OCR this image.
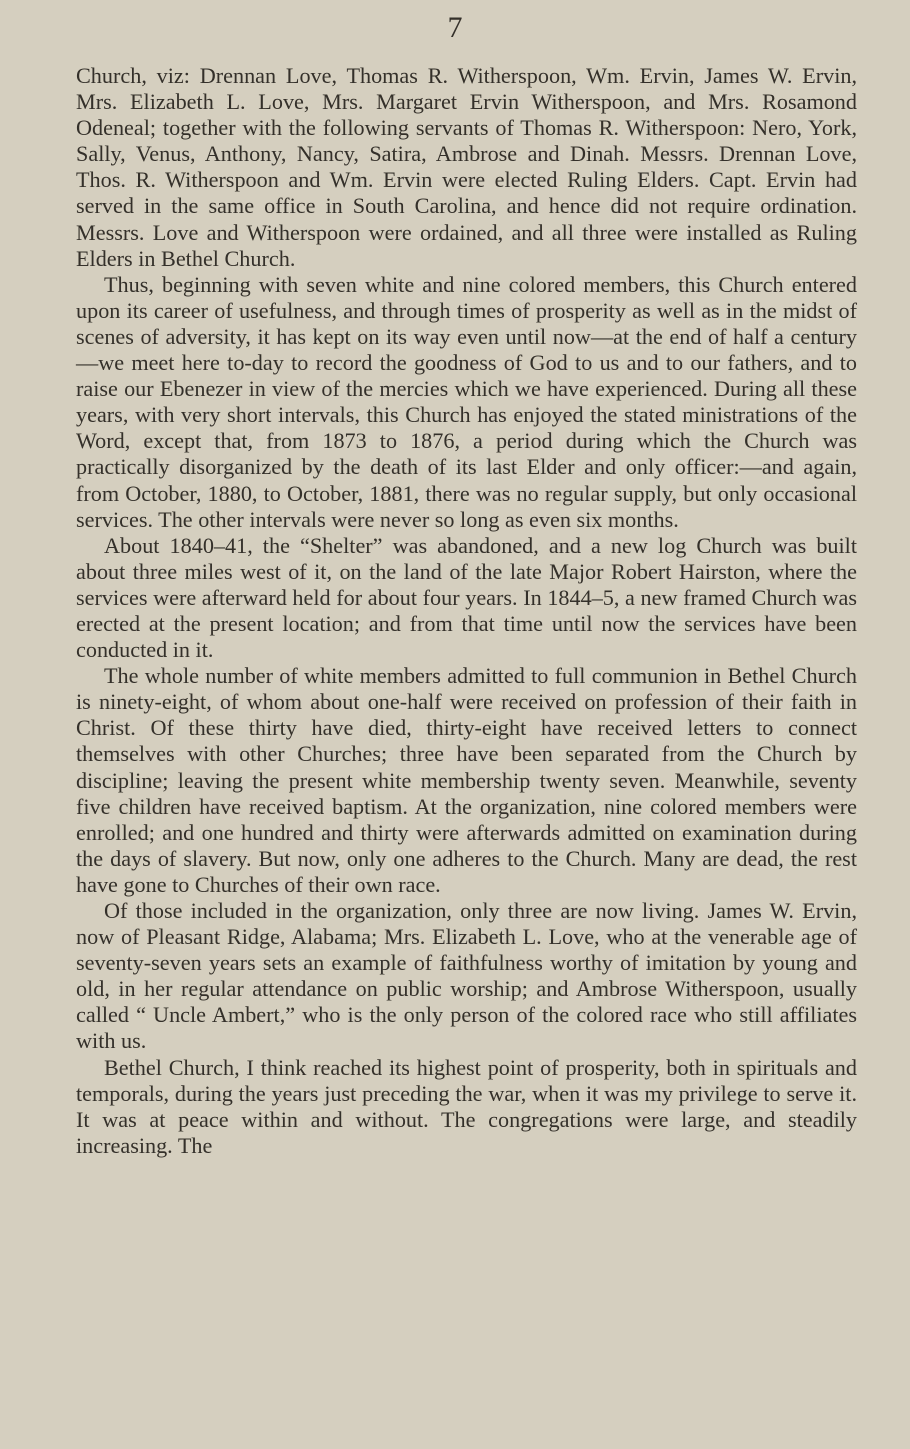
7

Church, viz: Drennan Love, Thomas R. Witherspoon, Wm. Ervin, James W. Ervin, Mrs. Elizabeth L. Love, Mrs. Margaret Ervin Witherspoon, and Mrs. Rosamond Odeneal; together with the following servants of Thomas R. Witherspoon: Nero, York, Sally, Venus, Anthony, Nancy, Satira, Ambrose and Dinah. Messrs. Drennan Love, Thos. R. Witherspoon and Wm. Ervin were elected Ruling Elders. Capt. Ervin had served in the same office in South Carolina, and hence did not require ordination. Messrs. Love and Witherspoon were ordained, and all three were installed as Ruling Elders in Bethel Church.

Thus, beginning with seven white and nine colored members, this Church entered upon its career of usefulness, and through times of prosperity as well as in the midst of scenes of adversity, it has kept on its way even until now—at the end of half a century—we meet here to-day to record the goodness of God to us and to our fathers, and to raise our Ebenezer in view of the mercies which we have experienced. During all these years, with very short intervals, this Church has enjoyed the stated ministrations of the Word, except that, from 1873 to 1876, a period during which the Church was practically disorganized by the death of its last Elder and only officer:—and again, from October, 1880, to October, 1881, there was no regular supply, but only occasional services. The other intervals were never so long as even six months.

About 1840–41, the “Shelter” was abandoned, and a new log Church was built about three miles west of it, on the land of the late Major Robert Hairston, where the services were afterward held for about four years. In 1844–5, a new framed Church was erected at the present location; and from that time until now the services have been conducted in it.

The whole number of white members admitted to full communion in Bethel Church is ninety-eight, of whom about one-half were received on profession of their faith in Christ. Of these thirty have died, thirty-eight have received letters to connect themselves with other Churches; three have been separated from the Church by discipline; leaving the present white membership twenty seven. Meanwhile, seventy five children have received baptism. At the organization, nine colored members were enrolled; and one hundred and thirty were afterwards admitted on examination during the days of slavery. But now, only one adheres to the Church. Many are dead, the rest have gone to Churches of their own race.

Of those included in the organization, only three are now living. James W. Ervin, now of Pleasant Ridge, Alabama; Mrs. Elizabeth L. Love, who at the venerable age of seventy-seven years sets an example of faithfulness worthy of imitation by young and old, in her regular attendance on public worship; and Ambrose Witherspoon, usually called “ Uncle Ambert,” who is the only person of the colored race who still affiliates with us.

Bethel Church, I think reached its highest point of prosperity, both in spirituals and temporals, during the years just preceding the war, when it was my privilege to serve it. It was at peace within and without. The congregations were large, and steadily increasing. The
